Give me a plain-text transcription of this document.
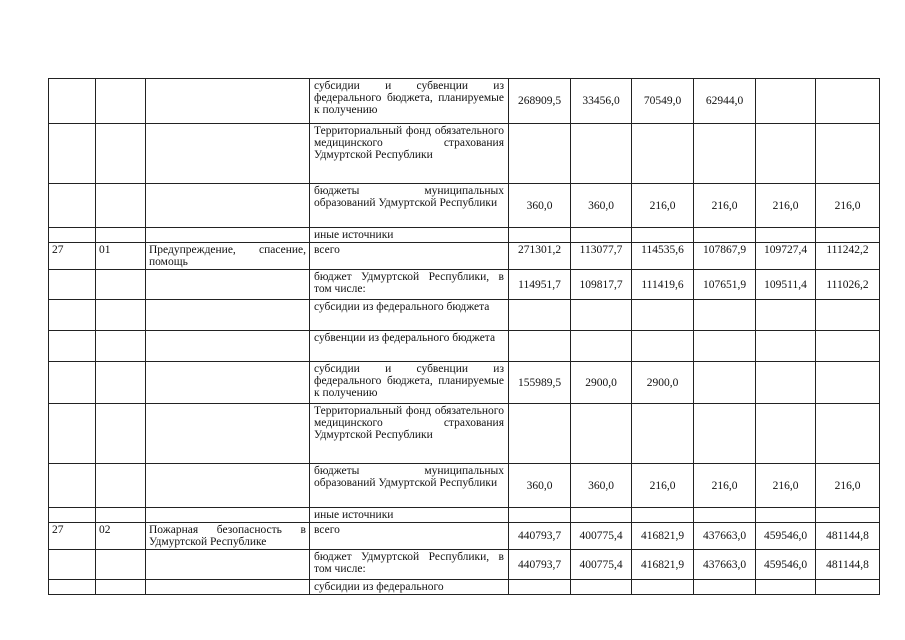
			субсидии и субвенции из федерального бюджета, планируемые к получению	268909,5	33456,0	70549,0	62944,0		
			Территориальный фонд обязательного медицинского страхования Удмуртской Республики						
			бюджеты муниципальных образований Удмуртской Республики	360,0	360,0	216,0	216,0	216,0	216,0
			иные источники						
27	01	Предупреждение, спасение, помощь	всего	271301,2	113077,7	114535,6	107867,9	109727,4	111242,2
			бюджет Удмуртской Республики, в том числе:	114951,7	109817,7	111419,6	107651,9	109511,4	111026,2
			субсидии из федерального бюджета						
			субвенции из федерального бюджета						
			субсидии и субвенции из федерального бюджета, планируемые к получению	155989,5	2900,0	2900,0			
			Территориальный фонд обязательного медицинского страхования Удмуртской Республики						
			бюджеты муниципальных образований Удмуртской Республики	360,0	360,0	216,0	216,0	216,0	216,0
			иные источники						
27	02	Пожарная безопасность в Удмуртской Республике	всего	440793,7	400775,4	416821,9	437663,0	459546,0	481144,8
			бюджет Удмуртской Республики, в том числе:	440793,7	400775,4	416821,9	437663,0	459546,0	481144,8
			субсидии из федерального						
